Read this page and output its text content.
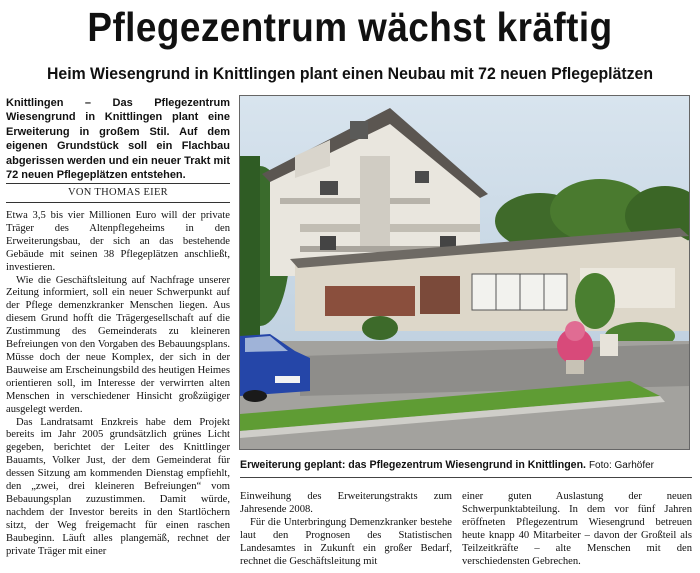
Pflegezentrum wächst kräftig
Heim Wiesengrund in Knittlingen plant einen Neubau mit 72 neuen Pflegeplätzen
Knittlingen – Das Pflegezentrum Wiesengrund in Knittlingen plant eine Erweiterung in großem Stil. Auf dem eigenen Grundstück soll ein Flachbau abgerissen werden und ein neuer Trakt mit 72 neuen Pflegeplätzen entstehen.
VON THOMAS EIER

Etwa 3,5 bis vier Millionen Euro will der private Träger des Altenpflegeheims in den Erweiterungsbau, der sich an das bestehende Gebäude mit seinen 38 Pflegeplätzen anschließt, investieren.

Wie die Geschäftsleitung auf Nachfrage unserer Zeitung informiert, soll ein neuer Schwerpunkt auf der Pflege demenzkranker Menschen liegen. Aus diesem Grund hofft die Trägergesellschaft auf die Zustimmung des Gemeinderats zu kleineren Befreiungen von den Vorgaben des Bebauungsplans. Müsse doch der neue Komplex, der sich in der Bauweise am Erscheinungsbild des heutigen Heimes orientieren soll, im Interesse der verwirrten alten Menschen in verschiedener Hinsicht großzügiger ausgelegt werden.

Das Landratsamt Enzkreis habe dem Projekt bereits im Jahr 2005 grundsätzlich grünes Licht gegeben, berichtet der Leiter des Knittlinger Bauamts, Volker Just, der dem Gemeinderat für dessen Sitzung am kommenden Dienstag empfiehlt, den „zwei, drei kleineren Befreiungen“ vom Bebauungsplan zuzustimmen. Damit würde, nachdem der Investor bereits in den Startlöchern sitzt, der Weg freigemacht für einen raschen Baubeginn. Läuft alles plangemäß, rechnet der private Träger mit einer

Erweiterung geplant: das Pflegezentrum Wiesengrund in Knittlingen. Foto: Garhöfer

Einweihung des Erweiterungstrakts zum Jahresende 2008.

Für die Unterbringung Demenzkranker bestehe laut den Prognosen des Statistischen Landesamtes in Zukunft ein großer Bedarf, rechnet die Geschäftsleitung mit

einer guten Auslastung der neuen Schwerpunktabteilung. In dem vor fünf Jahren eröffneten Pflegezentrum Wiesengrund betreuen heute knapp 40 Mitarbeiter – davon der Großteil als Teilzeitkräfte – alte Menschen mit den verschiedensten Gebrechen.
